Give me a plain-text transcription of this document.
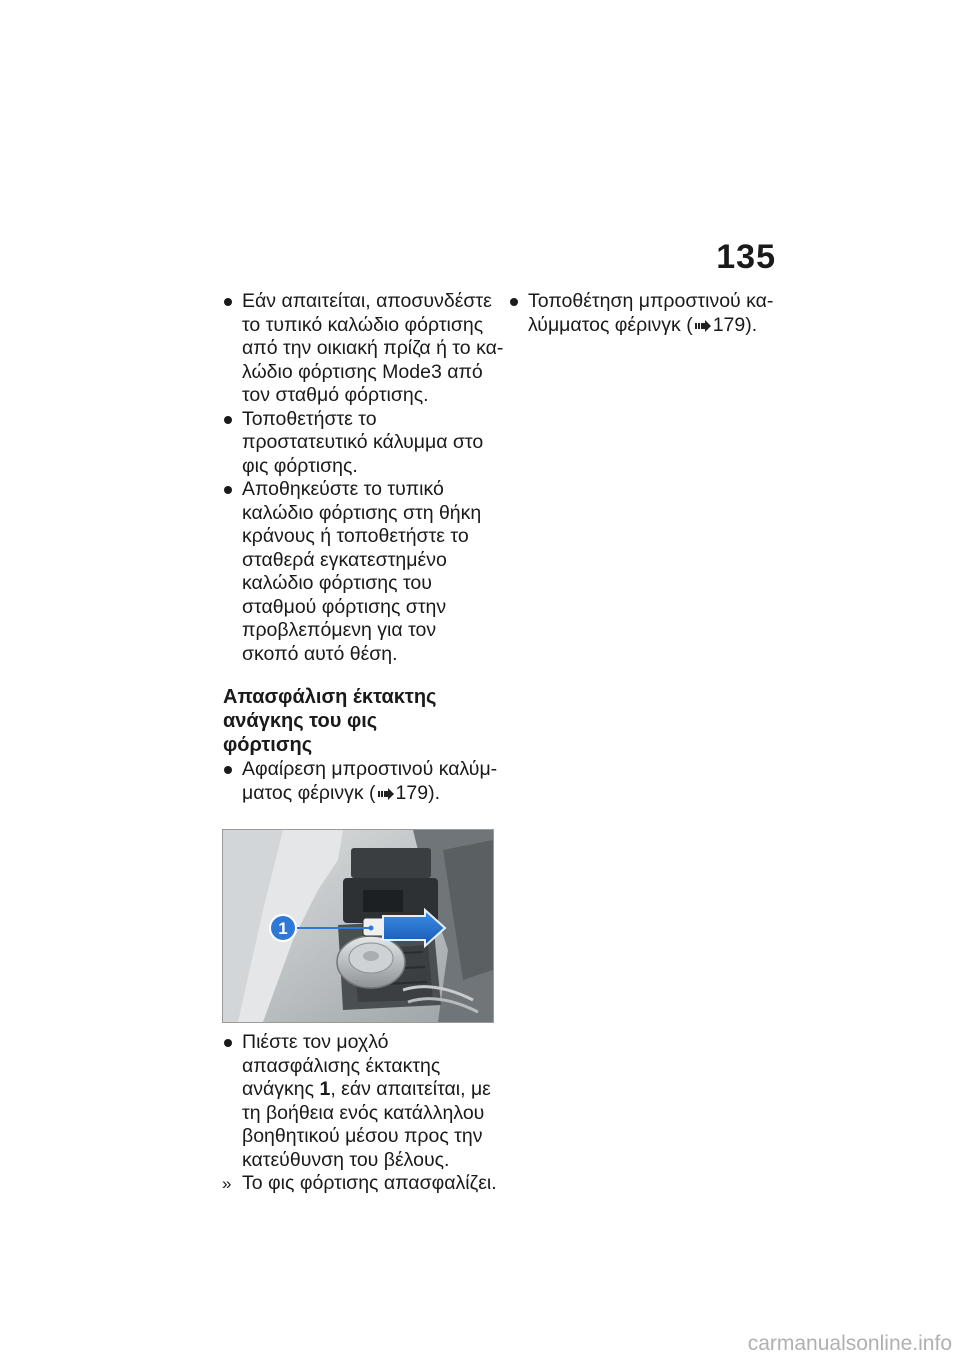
135

Εάν απαιτείται, αποσυνδέστε το τυπικό καλώδιο φόρτισης από την οικιακή πρίζα ή το κα-λώδιο φόρτισης Mode3 από τον σταθμό φόρτισης.

Τοποθετήστε το προστατευτικό κάλυμμα στο φις φόρτισης.

Αποθηκεύστε το τυπικό καλώδιο φόρτισης στη θήκη κράνους ή τοποθετήστε το σταθερά εγκατεστημένο καλώδιο φόρτισης του σταθμού φόρτισης στην προβλεπόμενη για τον σκοπό αυτό θέση.

Απασφάλιση έκτακτης ανάγκης του φις φόρτισης

Αφαίρεση μπροστινού καλύμ-ματος φέρινγκ ( 179).

1

Πιέστε τον μοχλό απασφάλισης έκτακτης ανάγκης 1, εάν απαιτείται, με τη βοήθεια ενός κατάλληλου βοηθητικού μέσου προς την κατεύθυνση του βέλους.

» Το φις φόρτισης απασφαλίζει.

Τοποθέτηση μπροστινού κα-λύμματος φέρινγκ ( 179).

carmanualsonline.info
